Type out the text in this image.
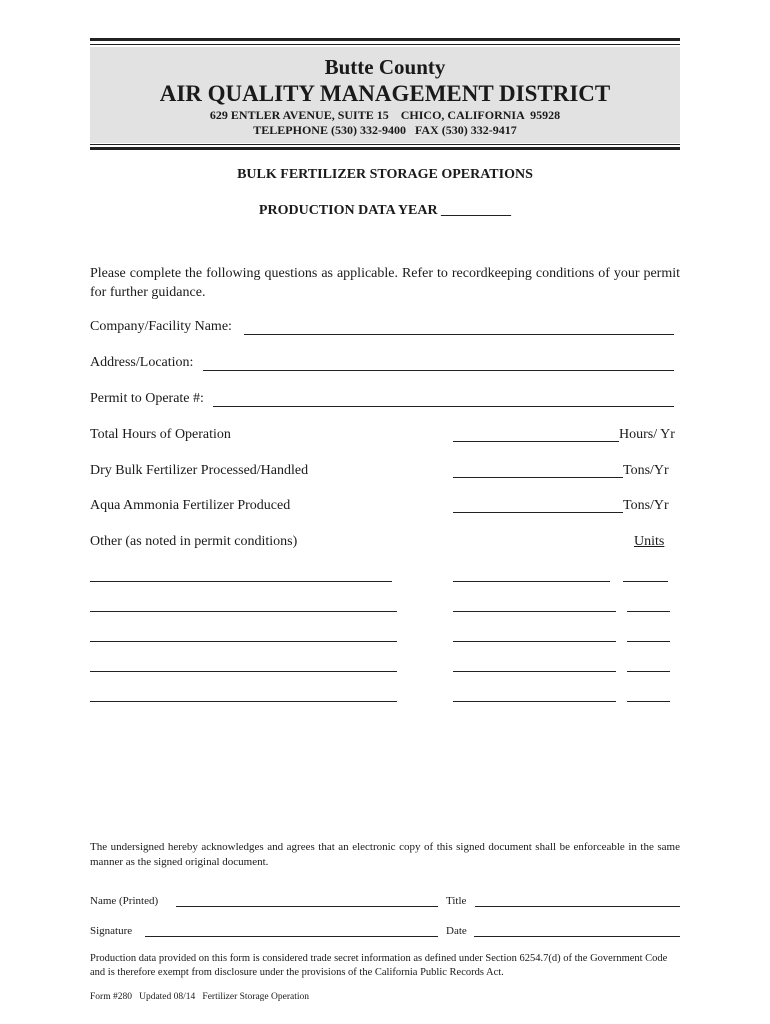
Butte County
AIR QUALITY MANAGEMENT DISTRICT
629 ENTLER AVENUE, SUITE 15    CHICO, CALIFORNIA  95928
TELEPHONE (530) 332-9400   FAX (530) 332-9417
BULK FERTILIZER STORAGE OPERATIONS
PRODUCTION DATA YEAR __________
Please complete the following questions as applicable. Refer to recordkeeping conditions of your permit for further guidance.
Company/Facility Name:
Address/Location:
Permit to Operate #:
Total Hours of Operation	Hours/ Yr
Dry Bulk Fertilizer Processed/Handled	Tons/Yr
Aqua Ammonia Fertilizer Produced	Tons/Yr
Other (as noted in permit conditions)	Units
The undersigned hereby acknowledges and agrees that an electronic copy of this signed document shall be enforceable in the same manner as the signed original document.
Name (Printed)	Title
Signature	Date
Production data provided on this form is considered trade secret information as defined under Section 6254.7(d) of the Government Code and is therefore exempt from disclosure under the provisions of the California Public Records Act.
Form #280   Updated 08/14   Fertilizer Storage Operation
